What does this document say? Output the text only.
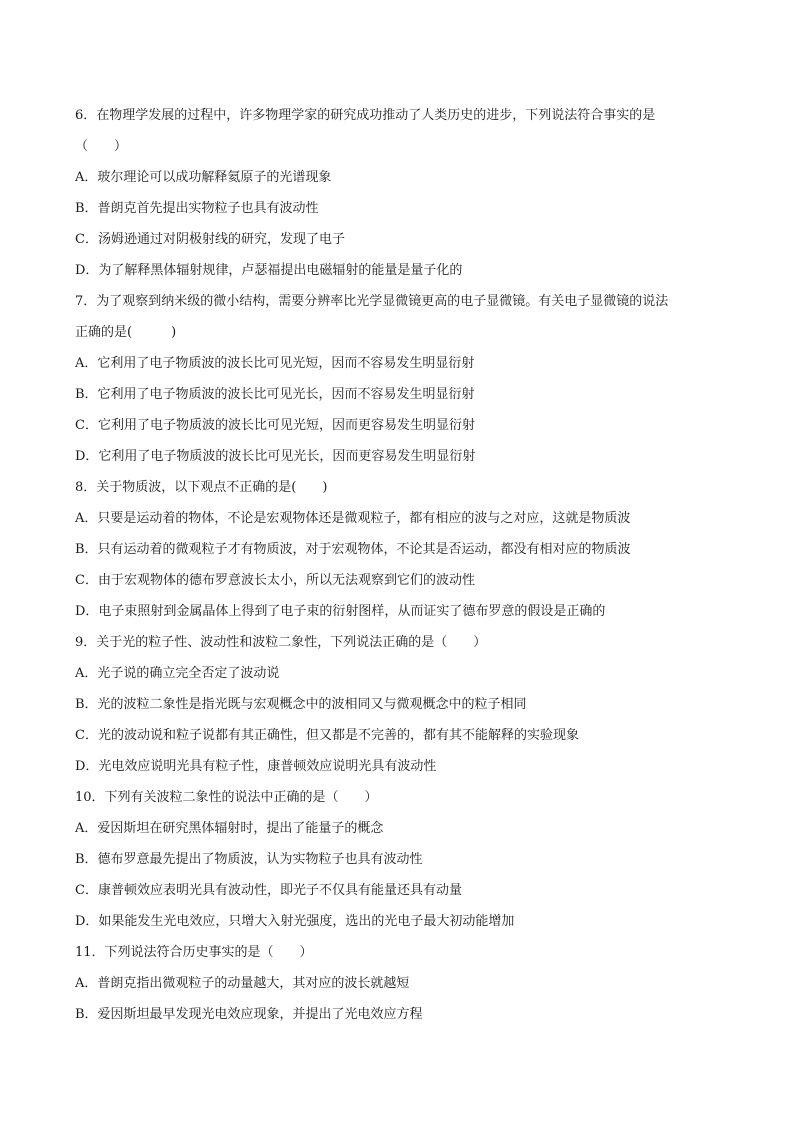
6．在物理学发展的过程中，许多物理学家的研究成功推动了人类历史的进步，下列说法符合事实的是
（　　）
A．玻尔理论可以成功解释氦原子的光谱现象
B．普朗克首先提出实物粒子也具有波动性
C．汤姆逊通过对阴极射线的研究，发现了电子
D．为了解释黑体辐射规律，卢瑟福提出电磁辐射的能量是量子化的
7．为了观察到纳米级的微小结构，需要分辨率比光学显微镜更高的电子显微镜。有关电子显微镜的说法
正确的是(　　　)
A．它利用了电子物质波的波长比可见光短，因而不容易发生明显衍射
B．它利用了电子物质波的波长比可见光长，因而不容易发生明显衍射
C．它利用了电子物质波的波长比可见光短，因而更容易发生明显衍射
D．它利用了电子物质波的波长比可见光长，因而更容易发生明显衍射
8．关于物质波，以下观点不正确的是(　　)
A．只要是运动着的物体，不论是宏观物体还是微观粒子，都有相应的波与之对应，这就是物质波
B．只有运动着的微观粒子才有物质波，对于宏观物体，不论其是否运动，都没有相对应的物质波
C．由于宏观物体的德布罗意波长太小，所以无法观察到它们的波动性
D．电子束照射到金属晶体上得到了电子束的衍射图样，从而证实了德布罗意的假设是正确的
9．关于光的粒子性、波动性和波粒二象性，下列说法正确的是（　　）
A．光子说的确立完全否定了波动说
B．光的波粒二象性是指光既与宏观概念中的波相同又与微观概念中的粒子相同
C．光的波动说和粒子说都有其正确性，但又都是不完善的，都有其不能解释的实验现象
D．光电效应说明光具有粒子性，康普顿效应说明光具有波动性
10．下列有关波粒二象性的说法中正确的是（　　）
A．爱因斯坦在研究黑体辐射时，提出了能量子的概念
B．德布罗意最先提出了物质波，认为实物粒子也具有波动性
C．康普顿效应表明光具有波动性，即光子不仅具有能量还具有动量
D．如果能发生光电效应，只增大入射光强度，选出的光电子最大初动能增加
11．下列说法符合历史事实的是（　　）
A．普朗克指出微观粒子的动量越大，其对应的波长就越短
B．爱因斯坦最早发现光电效应现象，并提出了光电效应方程
